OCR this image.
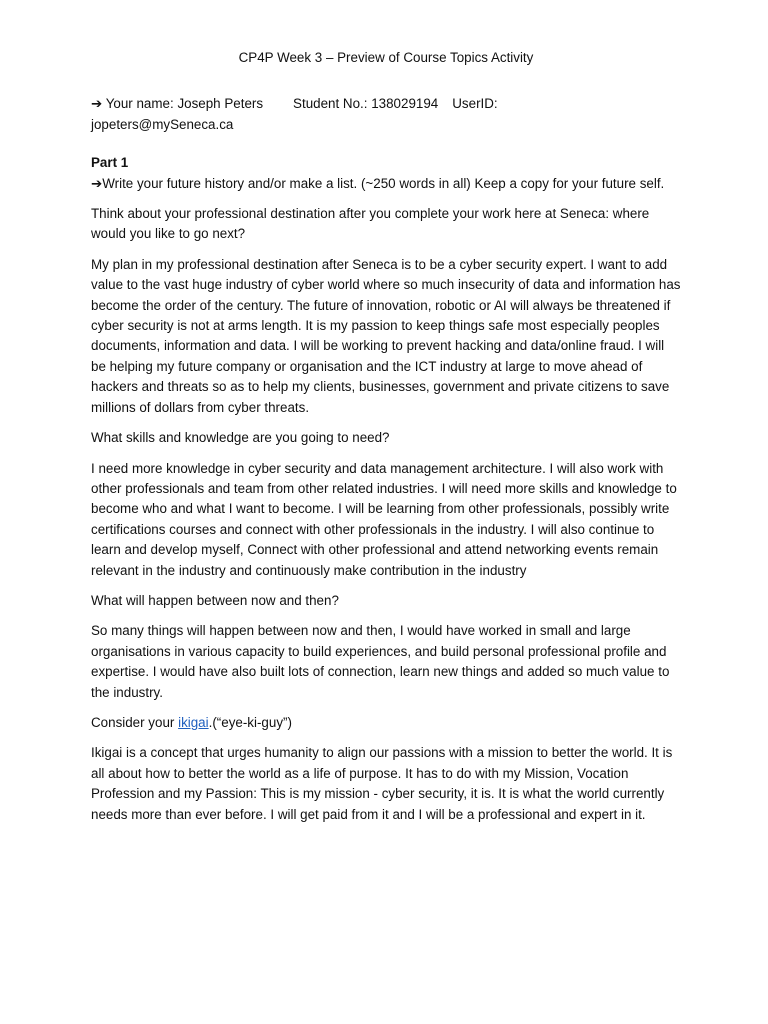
CP4P Week 3 – Preview of Course Topics Activity
➔ Your name: Joseph Peters Student No.: 138029194 UserID:
jopeters@mySeneca.ca
Part 1
➔Write your future history and/or make a list. (~250 words in all) Keep a copy for your future self.

Think about your professional destination after you complete your work here at Seneca: where would you like to go next?

My plan in my professional destination after Seneca is to be a cyber security expert. I want to add value to the vast huge industry of cyber world where so much insecurity of data and information has become the order of the century. The future of innovation, robotic or AI will always be threatened if cyber security is not at arms length. It is my passion to keep things safe most especially peoples documents, information and data. I will be working to prevent hacking and data/online fraud. I will be helping my future company or organisation and the ICT industry at large to move ahead of hackers and threats so as to help my clients, businesses, government and private citizens to save millions of dollars from cyber threats.

What skills and knowledge are you going to need?

I need more knowledge in cyber security and data management architecture. I will also work with other professionals and team from other related industries. I will need more skills and knowledge to become who and what I want to become. I will be learning from other professionals, possibly write certifications courses and connect with other professionals in the industry. I will also continue to learn and develop myself, Connect with other professional and attend networking events remain relevant in the industry and continuously make contribution in the industry

What will happen between now and then?

So many things will happen between now and then, I would have worked in small and large organisations in various capacity to build experiences, and build personal professional profile and expertise. I would have also built lots of connection, learn new things and added so much value to the industry.

Consider your ikigai.(“eye-ki-guy”)

Ikigai is a concept that urges humanity to align our passions with a mission to better the world. It is all about how to better the world as a life of purpose. It has to do with my Mission, Vocation Profession and my Passion: This is my mission - cyber security, it is. It is what the world currently needs more than ever before. I will get paid from it and I will be a professional and expert in it.
